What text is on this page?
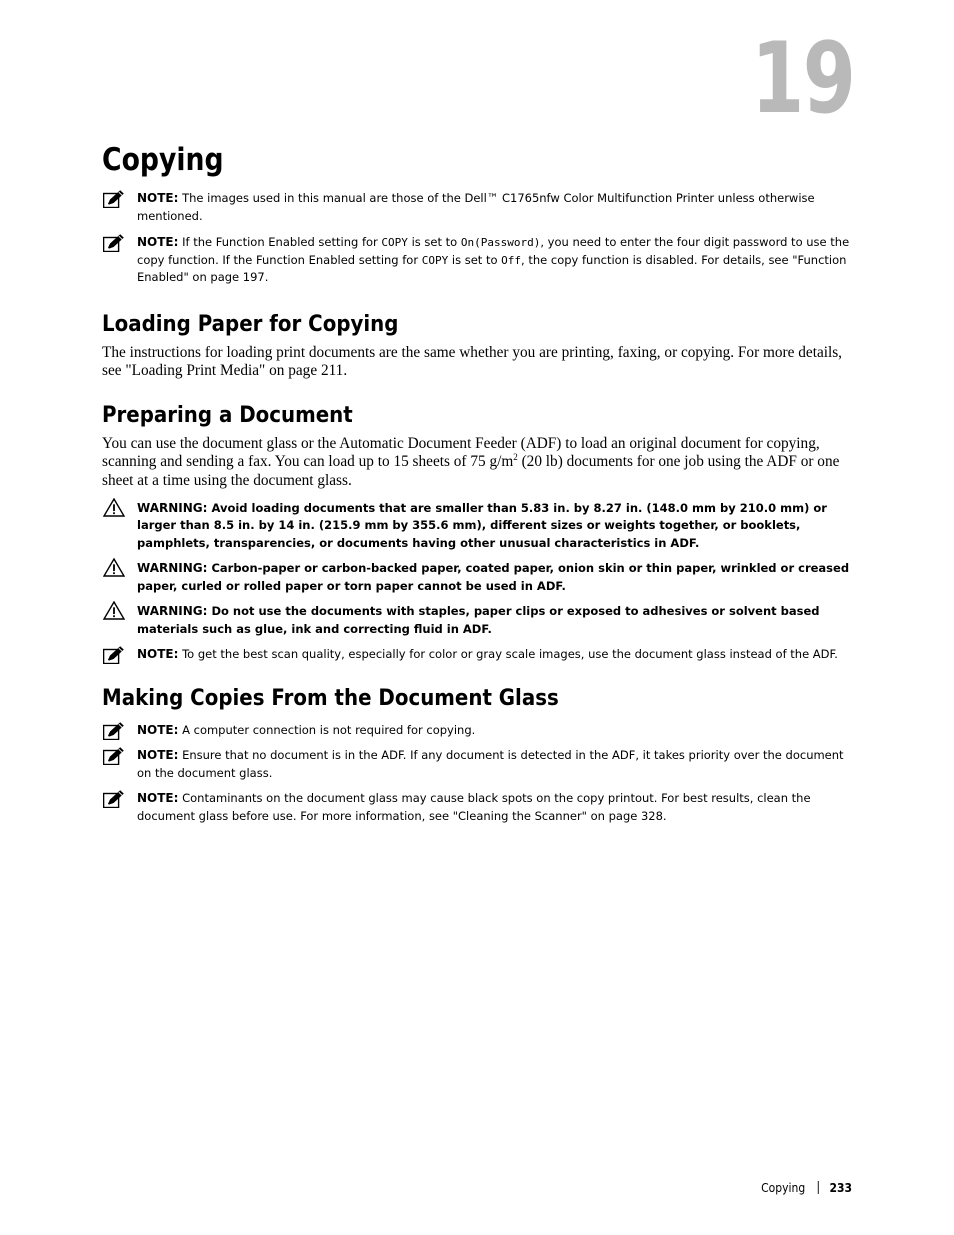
19
Copying
NOTE: The images used in this manual are those of the Dell™ C1765nfw Color Multifunction Printer unless otherwise mentioned.
NOTE: If the Function Enabled setting for COPY is set to On(Password), you need to enter the four digit password to use the copy function. If the Function Enabled setting for COPY is set to Off, the copy function is disabled. For details, see "Function Enabled" on page 197.
Loading Paper for Copying

The instructions for loading print documents are the same whether you are printing, faxing, or copying. For more details, see "Loading Print Media" on page 211.

Preparing a Document

You can use the document glass or the Automatic Document Feeder (ADF) to load an original document for copying, scanning and sending a fax. You can load up to 15 sheets of 75 $g/m^2$ (20 lb) documents for one job using the ADF or one sheet at a time using the document glass.

WARNING: Avoid loading documents that are smaller than 5.83 in. by 8.27 in. (148.0 mm by 210.0 mm) or larger than 8.5 in. by 14 in. (215.9 mm by 355.6 mm), different sizes or weights together, or booklets, pamphlets, transparencies, or documents having other unusual characteristics in ADF.
WARNING: Carbon-paper or carbon-backed paper, coated paper, onion skin or thin paper, wrinkled or creased paper, curled or rolled paper or torn paper cannot be used in ADF.
WARNING: Do not use the documents with staples, paper clips or exposed to adhesives or solvent based materials such as glue, ink and correcting fluid in ADF.
NOTE: To get the best scan quality, especially for color or gray scale images, use the document glass instead of the ADF.
Making Copies From the Document Glass
NOTE: A computer connection is not required for copying.
NOTE: Ensure that no document is in the ADF. If any document is detected in the ADF, it takes priority over the document on the document glass.
NOTE: Contaminants on the document glass may cause black spots on the copy printout. For best results, clean the document glass before use. For more information, see "Cleaning the Scanner" on page 328.
Copying 233
